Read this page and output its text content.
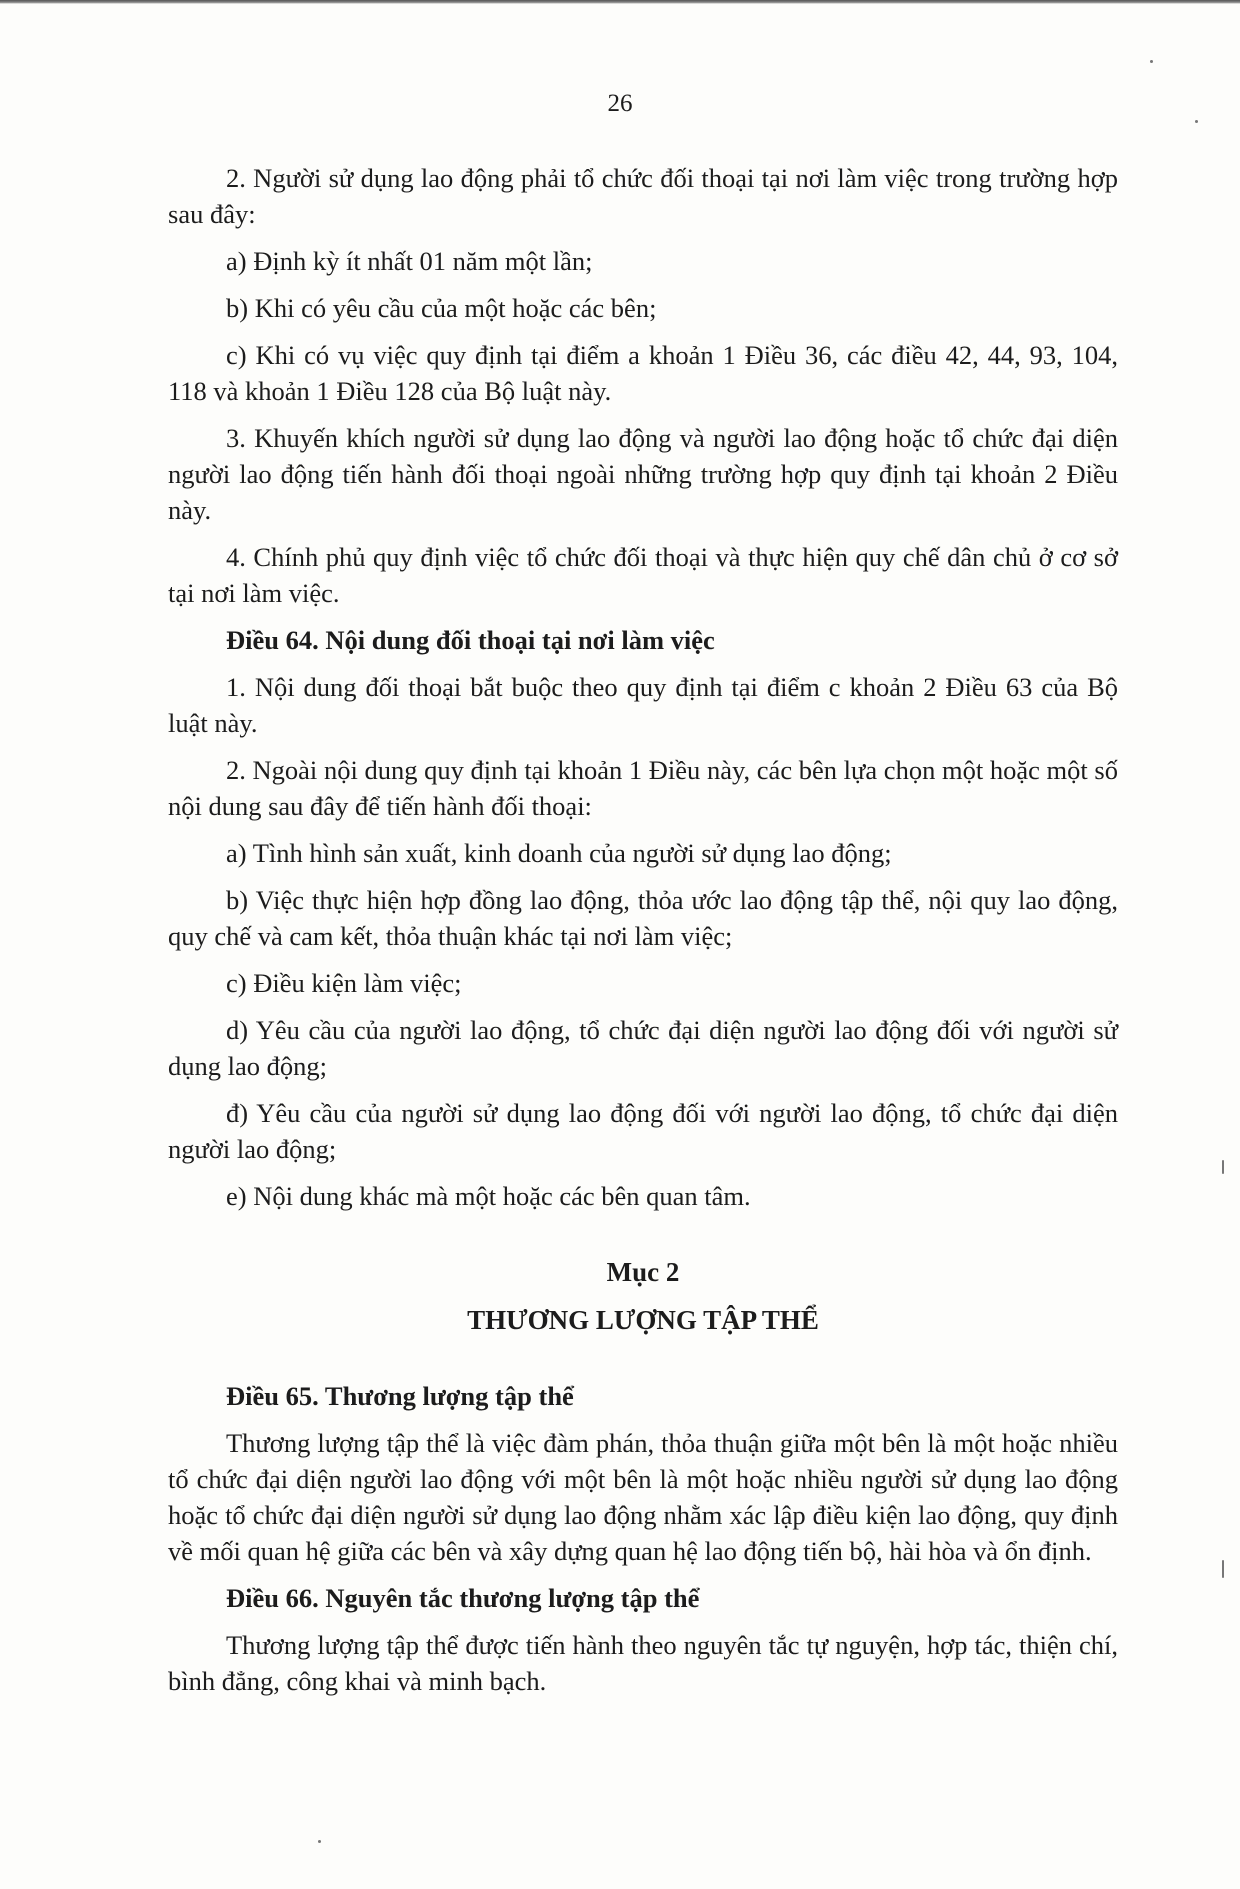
26

2. Người sử dụng lao động phải tổ chức đối thoại tại nơi làm việc trong trường hợp sau đây:

a) Định kỳ ít nhất 01 năm một lần;

b) Khi có yêu cầu của một hoặc các bên;

c) Khi có vụ việc quy định tại điểm a khoản 1 Điều 36, các điều 42, 44, 93, 104, 118 và khoản 1 Điều 128 của Bộ luật này.

3. Khuyến khích người sử dụng lao động và người lao động hoặc tổ chức đại diện người lao động tiến hành đối thoại ngoài những trường hợp quy định tại khoản 2 Điều này.

4. Chính phủ quy định việc tổ chức đối thoại và thực hiện quy chế dân chủ ở cơ sở tại nơi làm việc.

Điều 64. Nội dung đối thoại tại nơi làm việc

1. Nội dung đối thoại bắt buộc theo quy định tại điểm c khoản 2 Điều 63 của Bộ luật này.

2. Ngoài nội dung quy định tại khoản 1 Điều này, các bên lựa chọn một hoặc một số nội dung sau đây để tiến hành đối thoại:

a) Tình hình sản xuất, kinh doanh của người sử dụng lao động;

b) Việc thực hiện hợp đồng lao động, thỏa ước lao động tập thể, nội quy lao động, quy chế và cam kết, thỏa thuận khác tại nơi làm việc;

c) Điều kiện làm việc;

d) Yêu cầu của người lao động, tổ chức đại diện người lao động đối với người sử dụng lao động;

đ) Yêu cầu của người sử dụng lao động đối với người lao động, tổ chức đại diện người lao động;

e) Nội dung khác mà một hoặc các bên quan tâm.

Mục 2

THƯƠNG LƯỢNG TẬP THỂ

Điều 65. Thương lượng tập thể

Thương lượng tập thể là việc đàm phán, thỏa thuận giữa một bên là một hoặc nhiều tổ chức đại diện người lao động với một bên là một hoặc nhiều người sử dụng lao động hoặc tổ chức đại diện người sử dụng lao động nhằm xác lập điều kiện lao động, quy định về mối quan hệ giữa các bên và xây dựng quan hệ lao động tiến bộ, hài hòa và ổn định.

Điều 66. Nguyên tắc thương lượng tập thể

Thương lượng tập thể được tiến hành theo nguyên tắc tự nguyện, hợp tác, thiện chí, bình đẳng, công khai và minh bạch.
